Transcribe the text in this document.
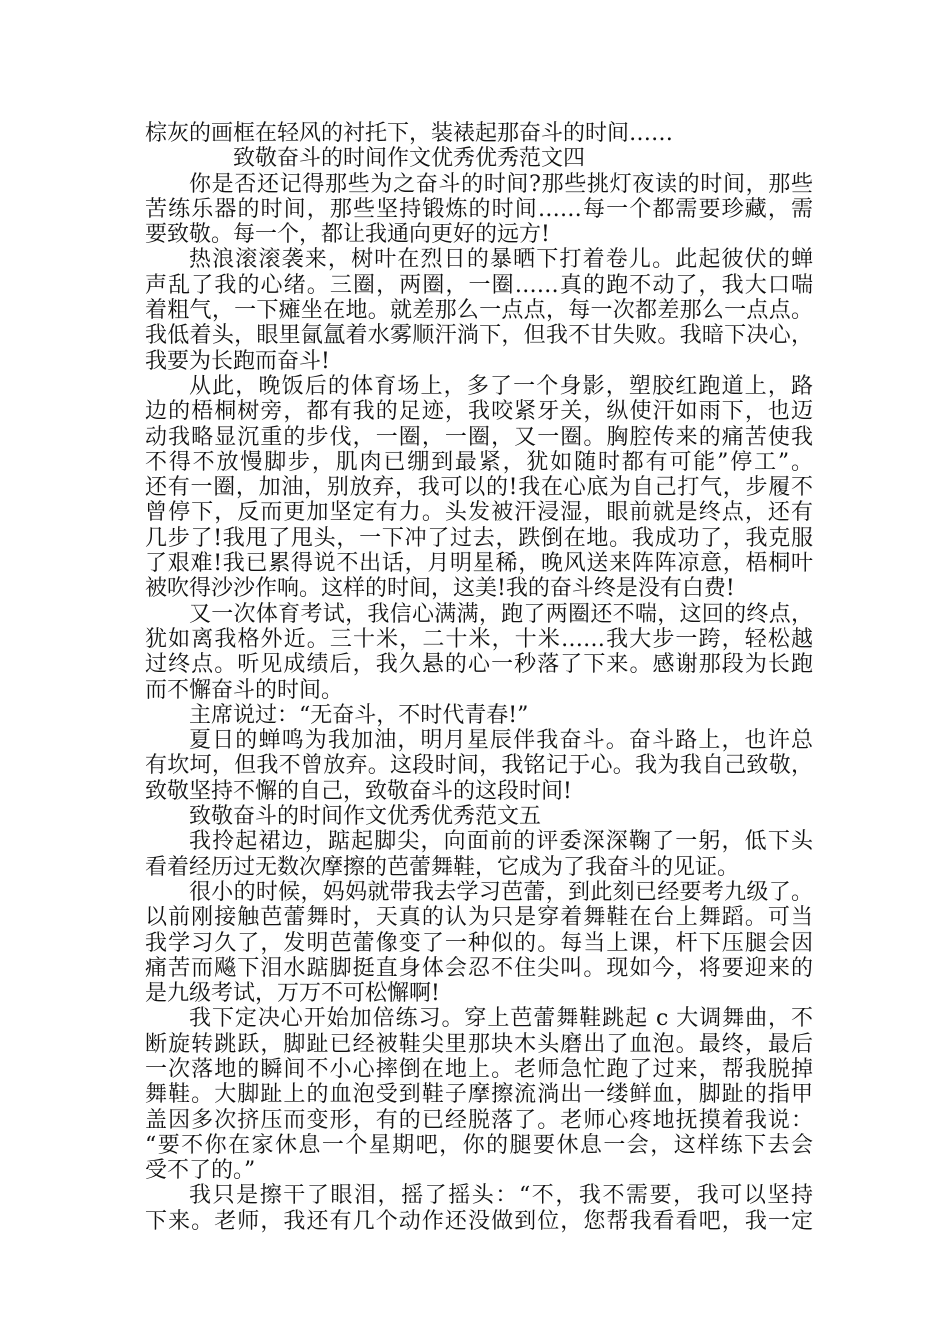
棕灰的画框在轻风的衬托下，装裱起那奋斗的时间……
致敬奋斗的时间作文优秀优秀范文四
你是否还记得那些为之奋斗的时间?那些挑灯夜读的时间，那些
苦练乐器的时间，那些坚持锻炼的时间……每一个都需要珍藏，需
要致敬。每一个，都让我通向更好的远方!
热浪滚滚袭来，树叶在烈日的暴晒下打着卷儿。此起彼伏的蝉
声乱了我的心绪。三圈，两圈，一圈……真的跑不动了，我大口喘
着粗气，一下瘫坐在地。就差那么一点点，每一次都差那么一点点。
我低着头，眼里氤氲着水雾顺汗淌下，但我不甘失败。我暗下决心，
我要为长跑而奋斗!
从此，晚饭后的体育场上，多了一个身影，塑胶红跑道上，路
边的梧桐树旁，都有我的足迹，我咬紧牙关，纵使汗如雨下，也迈
动我略显沉重的步伐，一圈，一圈，又一圈。胸腔传来的痛苦使我
不得不放慢脚步，肌肉已绷到最紧，犹如随时都有可能”停工”。
还有一圈，加油，别放弃，我可以的!我在心底为自己打气，步履不
曾停下，反而更加坚定有力。头发被汗浸湿，眼前就是终点，还有
几步了!我甩了甩头，一下冲了过去，跌倒在地。我成功了，我克服
了艰难!我已累得说不出话，月明星稀，晚风送来阵阵凉意，梧桐叶
被吹得沙沙作响。这样的时间，这美!我的奋斗终是没有白费!
又一次体育考试，我信心满满，跑了两圈还不喘，这回的终点，
犹如离我格外近。三十米，二十米，十米……我大步一跨，轻松越
过终点。听见成绩后，我久悬的心一秒落了下来。感谢那段为长跑
而不懈奋斗的时间。
主席说过：“无奋斗，不时代青春!”
夏日的蝉鸣为我加油，明月星辰伴我奋斗。奋斗路上，也许总
有坎坷，但我不曾放弃。这段时间，我铭记于心。我为我自己致敬，
致敬坚持不懈的自己，致敬奋斗的这段时间!
致敬奋斗的时间作文优秀优秀范文五
我拎起裙边，踮起脚尖，向面前的评委深深鞠了一躬，低下头
看着经历过无数次摩擦的芭蕾舞鞋，它成为了我奋斗的见证。
很小的时候，妈妈就带我去学习芭蕾，到此刻已经要考九级了。
以前刚接触芭蕾舞时，天真的认为只是穿着舞鞋在台上舞蹈。可当
我学习久了，发明芭蕾像变了一种似的。每当上课，杆下压腿会因
痛苦而飚下泪水踮脚挺直身体会忍不住尖叫。现如今，将要迎来的
是九级考试，万万不可松懈啊!
我下定决心开始加倍练习。穿上芭蕾舞鞋跳起 c 大调舞曲，不
断旋转跳跃，脚趾已经被鞋尖里那块木头磨出了血泡。最终，最后
一次落地的瞬间不小心摔倒在地上。老师急忙跑了过来，帮我脱掉
舞鞋。大脚趾上的血泡受到鞋子摩擦流淌出一缕鲜血，脚趾的指甲
盖因多次挤压而变形，有的已经脱落了。老师心疼地抚摸着我说：
“要不你在家休息一个星期吧，你的腿要休息一会，这样练下去会
受不了的。”
我只是擦干了眼泪，摇了摇头：“不，我不需要，我可以坚持
下来。老师，我还有几个动作还没做到位，您帮我看看吧，我一定
